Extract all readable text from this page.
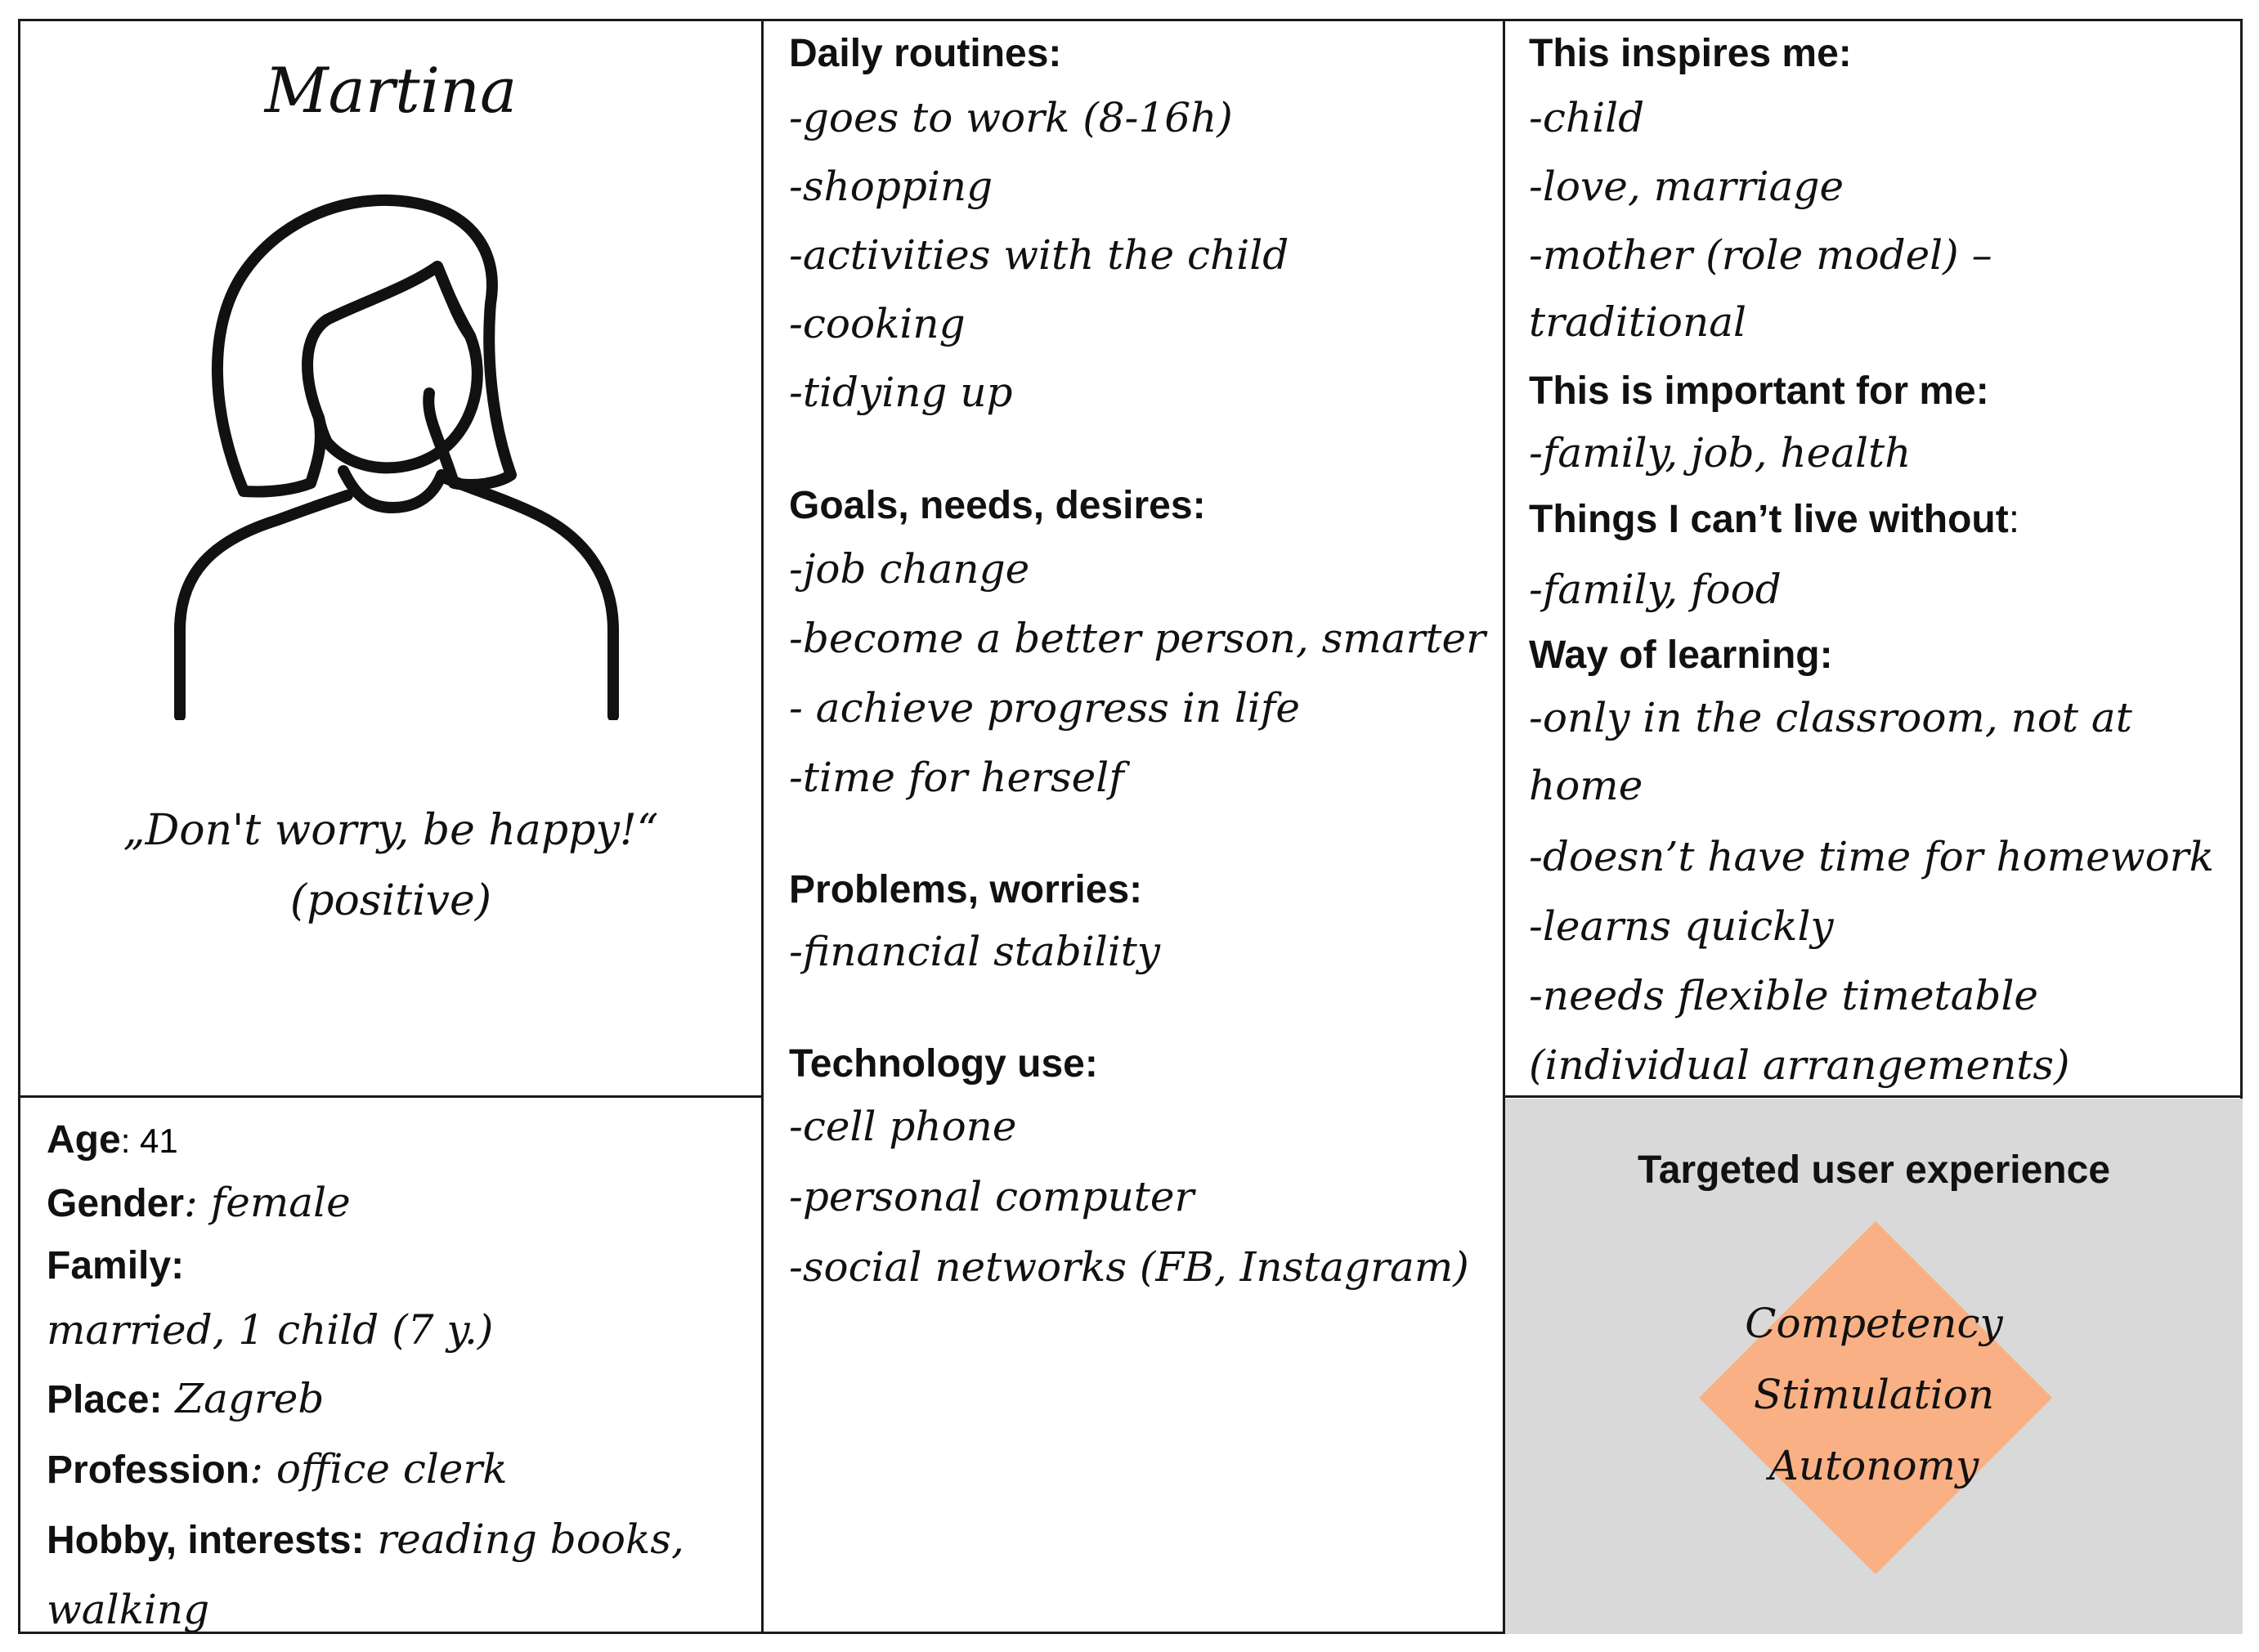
Martina
„Don't worry, be happy!“
(positive)
Age: 41
Gender: female
Family:
married, 1 child (7 y.)
Place: Zagreb
Profession: office clerk
Hobby, interests: reading books,
walking
Daily routines:
-goes to work (8-16h)
-shopping
-activities with the child
-cooking
-tidying up
Goals, needs, desires:
-job change
-become a better person, smarter
- achieve progress in life
-time for herself
Problems, worries:
-financial stability
Technology use:
-cell phone
-personal computer
-social networks (FB, Instagram)
This inspires me:
-child
-love, marriage
-mother (role model) –
traditional
This is important for me:
-family, job, health
Things I can’t live without:
-family, food
Way of learning:
-only in the classroom, not at
home
-doesn’t have time for homework
-learns quickly
-needs flexible timetable
(individual arrangements)
Targeted user experience
Competency
Stimulation
Autonomy
